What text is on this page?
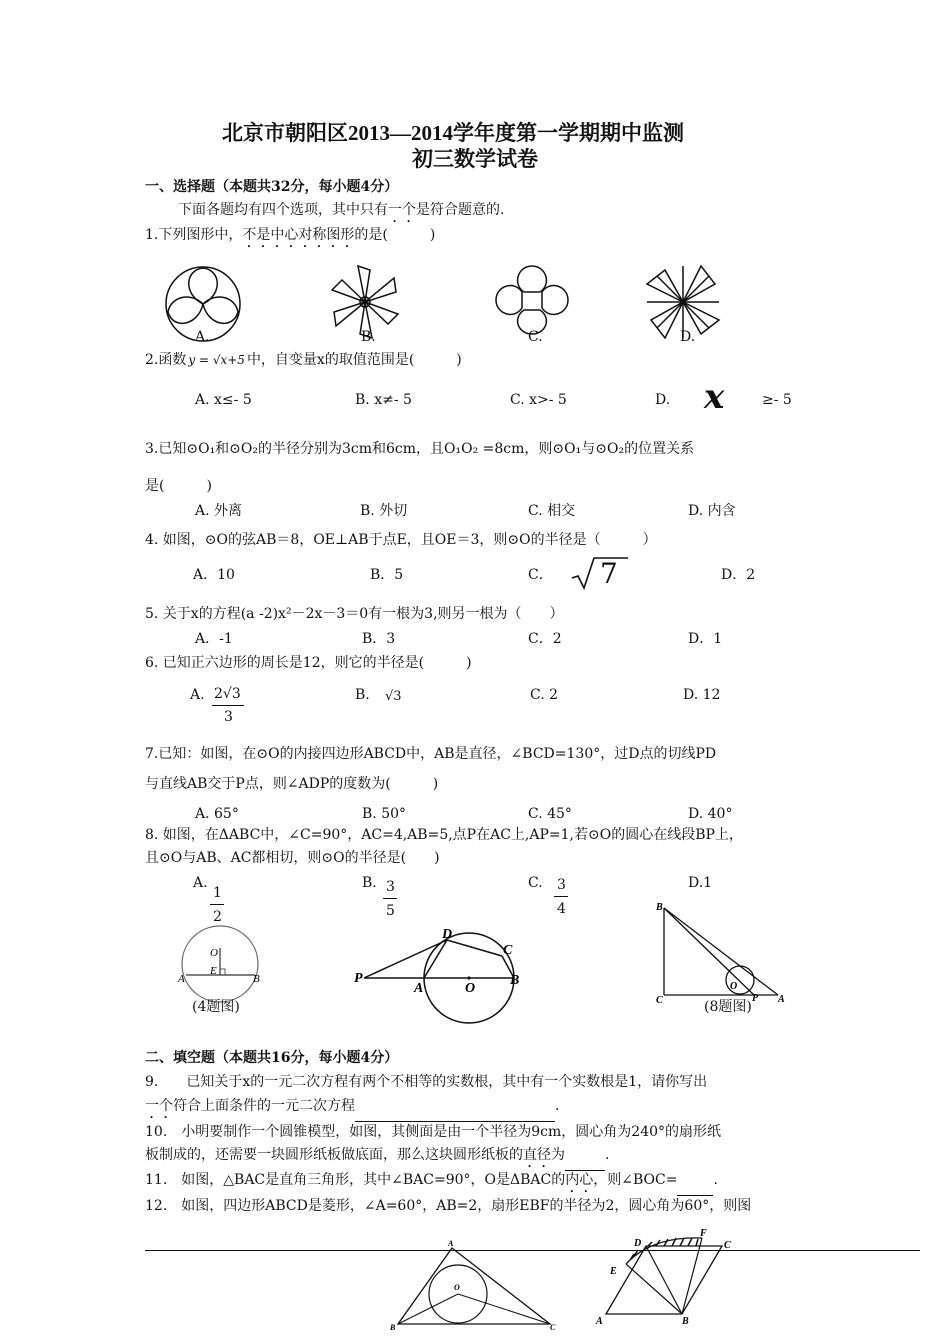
北京市朝阳区2013—2014学年度第一学期期中监测
初三数学试卷
一、选择题（本题共32分，每小题4分）
下面各题均有四个选项，其中只有一个是符合题意的.
1.下列图形中，不是中心对称图形的是(　　　)
A.	B.	C.	D.
2.函数 y = √x+5 中，自变量x的取值范围是(　　　)
A. x≤- 5	B. x≠- 5	C. x>- 5	D. x	≥- 5
3.已知⊙O₁和⊙O₂的半径分别为3cm和6cm，且O₁O₂ =8cm，则⊙O₁与⊙O₂的位置关系
是(　　　)
A. 外离	B. 外切	C. 相交	D. 内含
4. 如图，⊙O的弦AB＝8，OE⊥AB于点E，且OE＝3，则⊙O的半径是（　　　）
A．10	B．5	C． 7	D．2
5. 关于x的方程(a -2)x²－2x－3＝0有一根为3,则另一根为（　　）
A．-1	B．3	C．2	D．1
6. 已知正六边形的周长是12，则它的半径是(　　　)
A. 2√3
3
B. √3	C. 2	D. 12
7.已知：如图，在⊙O的内接四边形ABCD中，AB是直径，∠BCD=130°，过D点的切线PD
与直线AB交于P点，则∠ADP的度数为(　　　)
A. 65°	B. 50°	C. 45°	D. 40°
8. 如图，在ΔABC中，∠C=90°，AC=4,AB=5,点P在AC上,AP=1,若⊙O的圆心在线段BP上，
且⊙O与AB、AC都相切，则⊙O的半径是(　　)
A.
1
2
B. 3
5
C. 3
4
D.1
O
E
A	B
(4题图)
P
A	O
B
D
C
B
C
O
P A
(8题图)
二、填空题（本题共16分，每小题4分）
9.　　已知关于x的一元二次方程有两个不相等的实数根，其中有一个实数根是1，请你写出
一个符合上面条件的一元二次方程	.
10.　小明要制作一个圆锥模型，如图，其侧面是由一个半径为9cm，圆心角为240°的扇形纸
板制成的，还需要一块圆形纸板做底面，那么这块圆形纸板的直径为	.
11.　如图，△BAC是直角三角形，其中∠BAC=90°，O是ΔBAC的内心，则∠BOC=	.
12.　如图，四边形ABCD是菱形，∠A=60°，AB=2，扇形EBF的半径为2，圆心角为60°，则图
A
O
B	C
D
F
C
E
A	B
